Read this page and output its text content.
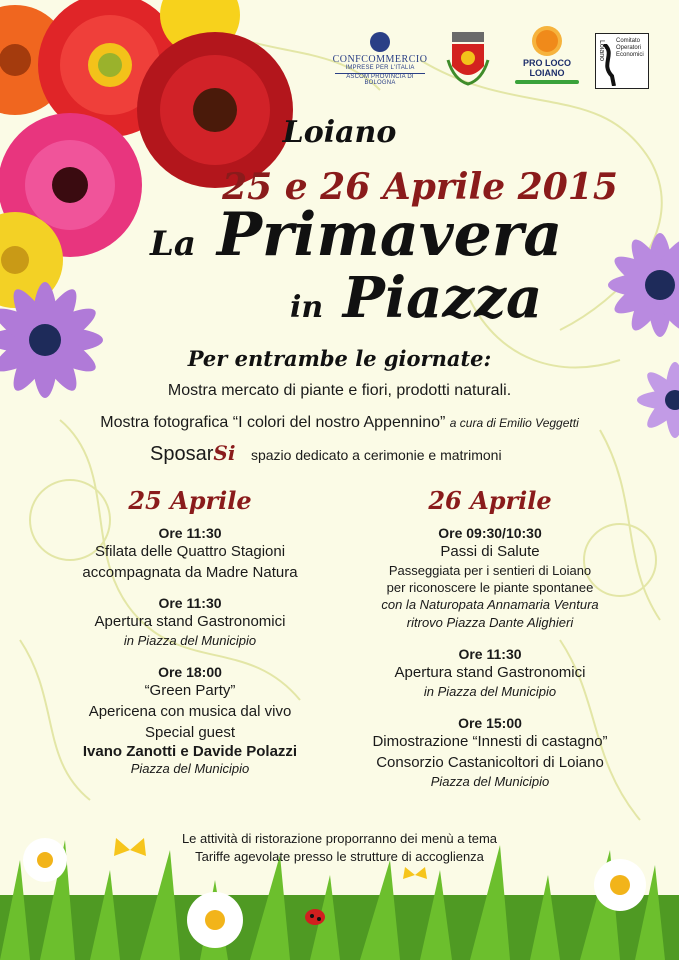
CONFCOMMERCIO
IMPRESE PER L'ITALIA
ASCOM PROVINCIA DI BOLOGNA
PRO LOCO
LOIANO
Loiano Comitato
Operatori
Economici
Loiano
25 e 26 Aprile 2015
La Primavera
in Piazza
Per entrambe le giornate:
Mostra mercato di piante e fiori, prodotti naturali.
Mostra fotografica “I colori del nostro Appennino” a cura di Emilio Veggetti
SposarSi spazio dedicato a cerimonie e matrimoni
25 Aprile
Ore 11:30
Sfilata delle Quattro Stagioni
accompagnata da Madre Natura
Ore 11:30
Apertura stand Gastronomici
in Piazza del Municipio
Ore 18:00
“Green Party”
Apericena con musica dal vivo
Special guest
Ivano Zanotti e Davide Polazzi
Piazza del Municipio
26 Aprile
Ore 09:30/10:30
Passi di Salute
Passeggiata per i sentieri di Loiano
per riconoscere le piante spontanee
con la Naturopata Annamaria Ventura
ritrovo Piazza Dante Alighieri
Ore 11:30
Apertura stand Gastronomici
in Piazza del Municipio
Ore 15:00
Dimostrazione “Innesti di castagno”
Consorzio Castanicoltori di Loiano
Piazza del Municipio
Le attività di ristorazione proporranno dei menù a tema
Tariffe agevolate presso le strutture di accoglienza
